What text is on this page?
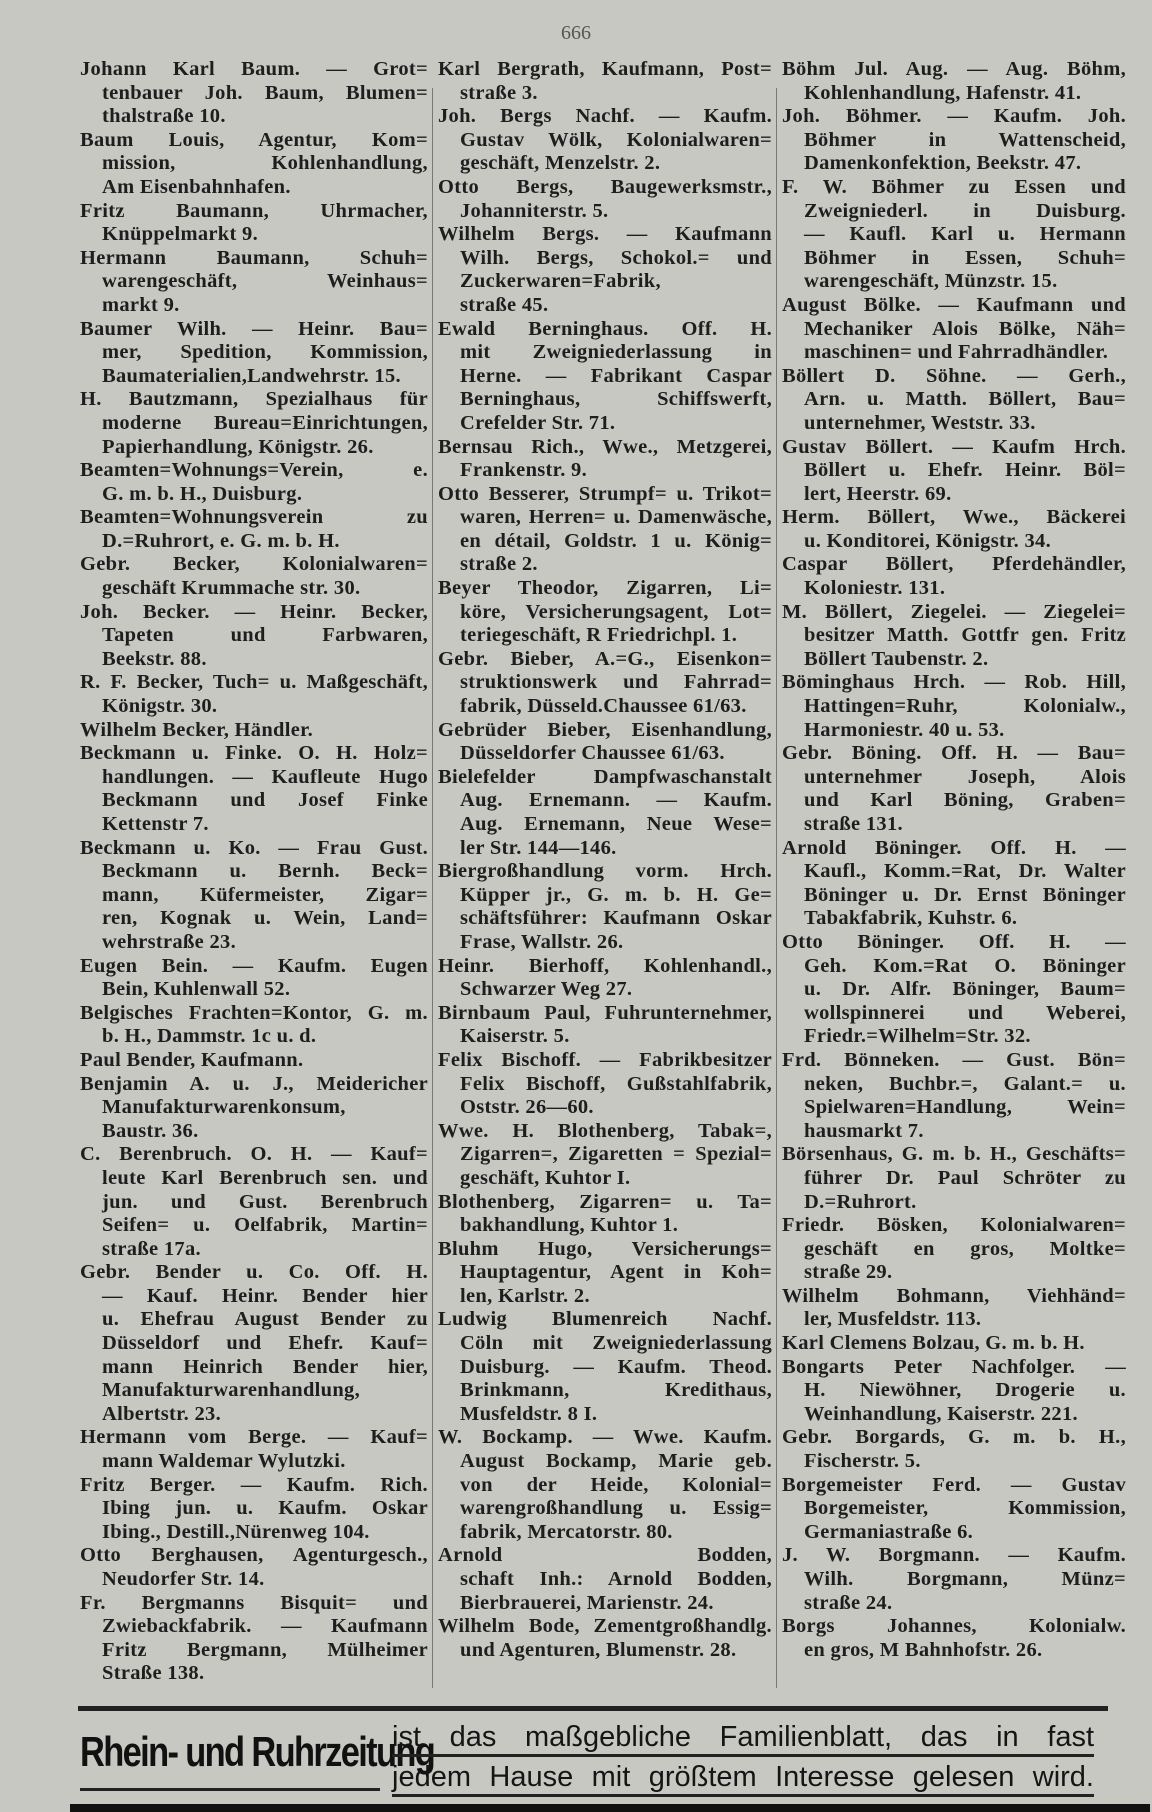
666
Johann Karl Baum. — Grot=
tenbauer Joh. Baum, Blumen=
thalstraße 10.
Baum Louis, Agentur, Kom=
mission, Kohlenhandlung,
Am Eisenbahnhafen.
Fritz Baumann, Uhrmacher,
Knüppelmarkt 9.
Hermann Baumann, Schuh=
warengeschäft, Weinhaus=
markt 9.
Baumer Wilh. — Heinr. Bau=
mer, Spedition, Kommission,
Baumaterialien,Landwehrstr. 15.
H. Bautzmann, Spezialhaus für
moderne Bureau=Einrichtungen,
Papierhandlung, Königstr. 26.
Beamten=Wohnungs=Verein, e.
G. m. b. H., Duisburg.
Beamten=Wohnungsverein zu
D.=Ruhrort, e. G. m. b. H.
Gebr. Becker, Kolonialwaren=
geschäft Krummache str. 30.
Joh. Becker. — Heinr. Becker,
Tapeten und Farbwaren,
Beekstr. 88.
R. F. Becker, Tuch= u. Maßgeschäft,
Königstr. 30.
Wilhelm Becker, Händler.
Beckmann u. Finke. O. H. Holz=
handlungen. — Kaufleute Hugo
Beckmann und Josef Finke
Kettenstr 7.
Beckmann u. Ko. — Frau Gust.
Beckmann u. Bernh. Beck=
mann, Küfermeister, Zigar=
ren, Kognak u. Wein, Land=
wehrstraße 23.
Eugen Bein. — Kaufm. Eugen
Bein, Kuhlenwall 52.
Belgisches Frachten=Kontor, G. m.
b. H., Dammstr. 1c u. d.
Paul Bender, Kaufmann.
Benjamin A. u. J., Meidericher
Manufakturwarenkonsum,
Baustr. 36.
C. Berenbruch. O. H. — Kauf=
leute Karl Berenbruch sen. und
jun. und Gust. Berenbruch
Seifen= u. Oelfabrik, Martin=
straße 17a.
Gebr. Bender u. Co. Off. H.
— Kauf. Heinr. Bender hier
u. Ehefrau August Bender zu
Düsseldorf und Ehefr. Kauf=
mann Heinrich Bender hier,
Manufakturwarenhandlung,
Albertstr. 23.
Hermann vom Berge. — Kauf=
mann Waldemar Wylutzki.
Fritz Berger. — Kaufm. Rich.
Ibing jun. u. Kaufm. Oskar
Ibing., Destill.,Nürenweg 104.
Otto Berghausen, Agenturgesch.,
Neudorfer Str. 14.
Fr. Bergmanns Bisquit= und
Zwiebackfabrik. — Kaufmann
Fritz Bergmann, Mülheimer
Straße 138.
Karl Bergrath, Kaufmann, Post=
straße 3.
Joh. Bergs Nachf. — Kaufm.
Gustav Wölk, Kolonialwaren=
geschäft, Menzelstr. 2.
Otto Bergs, Baugewerksmstr.,
Johanniterstr. 5.
Wilhelm Bergs. — Kaufmann
Wilh. Bergs, Schokol.= und
Zuckerwaren=Fabrik,
straße 45.
Ewald Berninghaus. Off. H.
mit Zweigniederlassung in
Herne. — Fabrikant Caspar
Berninghaus, Schiffswerft,
Crefelder Str. 71.
Bernsau Rich., Wwe., Metzgerei,
Frankenstr. 9.
Otto Besserer, Strumpf= u. Trikot=
waren, Herren= u. Damenwäsche,
en détail, Goldstr. 1 u. König=
straße 2.
Beyer Theodor, Zigarren, Li=
köre, Versicherungsagent, Lot=
teriegeschäft, R Friedrichpl. 1.
Gebr. Bieber, A.=G., Eisenkon=
struktionswerk und Fahrrad=
fabrik, Düsseld.Chaussee 61/63.
Gebrüder Bieber, Eisenhandlung,
Düsseldorfer Chaussee 61/63.
Bielefelder Dampfwaschanstalt
Aug. Ernemann. — Kaufm.
Aug. Ernemann, Neue Wese=
ler Str. 144—146.
Biergroßhandlung vorm. Hrch.
Küpper jr., G. m. b. H. Ge=
schäftsführer: Kaufmann Oskar
Frase, Wallstr. 26.
Heinr. Bierhoff, Kohlenhandl.,
Schwarzer Weg 27.
Birnbaum Paul, Fuhrunternehmer,
Kaiserstr. 5.
Felix Bischoff. — Fabrikbesitzer
Felix Bischoff, Gußstahlfabrik,
Oststr. 26—60.
Wwe. H. Blothenberg, Tabak=,
Zigarren=, Zigaretten = Spezial=
geschäft, Kuhtor I.
Blothenberg, Zigarren= u. Ta=
bakhandlung, Kuhtor 1.
Bluhm Hugo, Versicherungs=
Hauptagentur, Agent in Koh=
len, Karlstr. 2.
Ludwig Blumenreich Nachf.
Cöln mit Zweigniederlassung
Duisburg. — Kaufm. Theod.
Brinkmann, Kredithaus,
Musfeldstr. 8 I.
W. Bockamp. — Wwe. Kaufm.
August Bockamp, Marie geb.
von der Heide, Kolonial=
warengroßhandlung u. Essig=
fabrik, Mercatorstr. 80.
Arnold Bodden,
schaft Inh.: Arnold Bodden,
Bierbrauerei, Marienstr. 24.
Wilhelm Bode, Zementgroßhandlg.
und Agenturen, Blumenstr. 28.
Böhm Jul. Aug. — Aug. Böhm,
Kohlenhandlung, Hafenstr. 41.
Joh. Böhmer. — Kaufm. Joh.
Böhmer in Wattenscheid,
Damenkonfektion, Beekstr. 47.
F. W. Böhmer zu Essen und
Zweigniederl. in Duisburg.
— Kaufl. Karl u. Hermann
Böhmer in Essen, Schuh=
warengeschäft, Münzstr. 15.
August Bölke. — Kaufmann und
Mechaniker Alois Bölke, Näh=
maschinen= und Fahrradhändler.
Böllert D. Söhne. — Gerh.,
Arn. u. Matth. Böllert, Bau=
unternehmer, Weststr. 33.
Gustav Böllert. — Kaufm Hrch.
Böllert u. Ehefr. Heinr. Böl=
lert, Heerstr. 69.
Herm. Böllert, Wwe., Bäckerei
u. Konditorei, Königstr. 34.
Caspar Böllert, Pferdehändler,
Koloniestr. 131.
M. Böllert, Ziegelei. — Ziegelei=
besitzer Matth. Gottfr gen. Fritz
Böllert Taubenstr. 2.
Böminghaus Hrch. — Rob. Hill,
Hattingen=Ruhr, Kolonialw.,
Harmoniestr. 40 u. 53.
Gebr. Böning. Off. H. — Bau=
unternehmer Joseph, Alois
und Karl Böning, Graben=
straße 131.
Arnold Böninger. Off. H. —
Kaufl., Komm.=Rat, Dr. Walter
Böninger u. Dr. Ernst Böninger
Tabakfabrik, Kuhstr. 6.
Otto Böninger. Off. H. —
Geh. Kom.=Rat O. Böninger
u. Dr. Alfr. Böninger, Baum=
wollspinnerei und Weberei,
Friedr.=Wilhelm=Str. 32.
Frd. Bönneken. — Gust. Bön=
neken, Buchbr.=, Galant.= u.
Spielwaren=Handlung, Wein=
hausmarkt 7.
Börsenhaus, G. m. b. H., Geschäfts=
führer Dr. Paul Schröter zu
D.=Ruhrort.
Friedr. Bösken, Kolonialwaren=
geschäft en gros, Moltke=
straße 29.
Wilhelm Bohmann, Viehhänd=
ler, Musfeldstr. 113.
Karl Clemens Bolzau, G. m. b. H.
Bongarts Peter Nachfolger. —
H. Niewöhner, Drogerie u.
Weinhandlung, Kaiserstr. 221.
Gebr. Borgards, G. m. b. H.,
Fischerstr. 5.
Borgemeister Ferd. — Gustav
Borgemeister, Kommission,
Germaniastraße 6.
J. W. Borgmann. — Kaufm.
Wilh. Borgmann, Münz=
straße 24.
Borgs Johannes, Kolonialw.
en gros, M Bahnhofstr. 26.
Rhein- und Ruhrzeitung
ist das maßgebliche Familienblatt, das in fast
jedem Hause mit größtem Interesse gelesen wird.
